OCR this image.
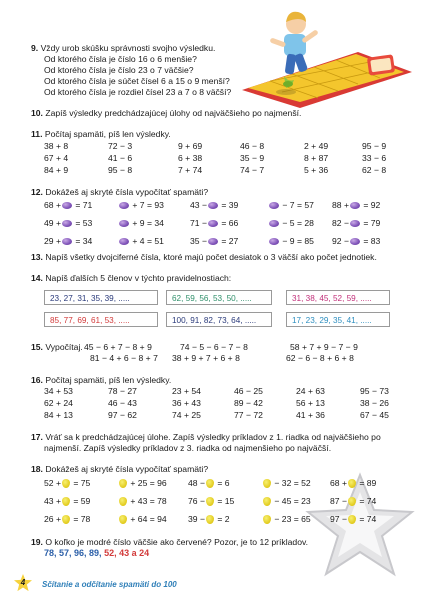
9. Vždy urob skúšku správnosti svojho výsledku.
Od ktorého čísla je číslo 16 o 6 menšie?
Od ktorého čísla je číslo 23 o 7 väčšie?
Od ktorého čísla je súčet čísel 6 a 15 o 9 menší?
Od ktorého čísla je rozdiel čísel 23 a 7 o 8 väčší?
10. Zapíš výsledky predchádzajúcej úlohy od najväčšieho po najmenší.
11. Počítaj spamäti, píš len výsledky.
38 + 8	72 − 3	9 + 69	46 − 8	2 + 49	95 − 9
67 + 4	41 − 6	6 + 38	35 − 9	8 + 87	33 − 6
84 + 9	95 − 8	7 + 74	74 − 7	5 + 36	62 − 8
12. Dokážeš aj skryté čísla vypočítať spamäti?
68 + = 71	+ 7 = 93	43 − = 39	− 7 = 57 88 + = 92
49 + = 53	+ 9 = 34	71 − = 66	− 5 = 28 82 − = 79
29 + = 34	+ 4 = 51	35 − = 27	− 9 = 85 92 − = 83
13. Napíš všetky dvojciferné čísla, ktoré majú počet desiatok o 3 väčší ako počet jednotiek.
14. Napíš ďalších 5 členov v týchto pravidelnostiach:
23, 27, 31, 35, 39, .....	62, 59, 56, 53, 50, .....	31, 38, 45, 52, 59, .....
85, 77, 69, 61, 53, .....	100, 91, 82, 73, 64, .....	17, 23, 29, 35, 41, .....
15. Vypočítaj. 45 − 6 + 7 − 8 + 9	74 − 5 − 6 − 7 − 8	58 + 7 + 9 − 7 − 9
81 − 4 + 6 − 8 + 7 38 + 9 + 7 + 6 + 8	62 − 6 − 8 + 6 + 8
16. Počítaj spamäti, píš len výsledky.
34 + 53	78 − 27	23 + 54	46 − 25	24 + 63	95 − 73
62 + 24	46 − 43	36 + 43	89 − 42	56 + 13	38 − 26
84 + 13	97 − 62	74 + 25	77 − 72	41 + 36	67 − 45
17. Vráť sa k predchádzajúcej úlohe. Zapíš výsledky príkladov z 1. riadka od najväčšieho po
najmenší. Zapíš výsledky príkladov z 3. riadka od najmenšieho po najväčší.
18. Dokážeš aj skryté čísla vypočítať spamäti?
52 + = 75	+ 25 = 96 48 − = 6	− 32 = 52 68 + = 89
43 + = 59	+ 43 = 78 76 − = 15	− 45 = 23 87 − = 74
26 + = 78	+ 64 = 94 39 − = 2	− 23 = 65 97 − = 74
19. O koľko je modré číslo väčšie ako červené? Pozor, je to 12 príkladov.
78, 57, 96, 89, 52, 43 a 24
4	Sčítanie a odčítanie spamäti do 100
